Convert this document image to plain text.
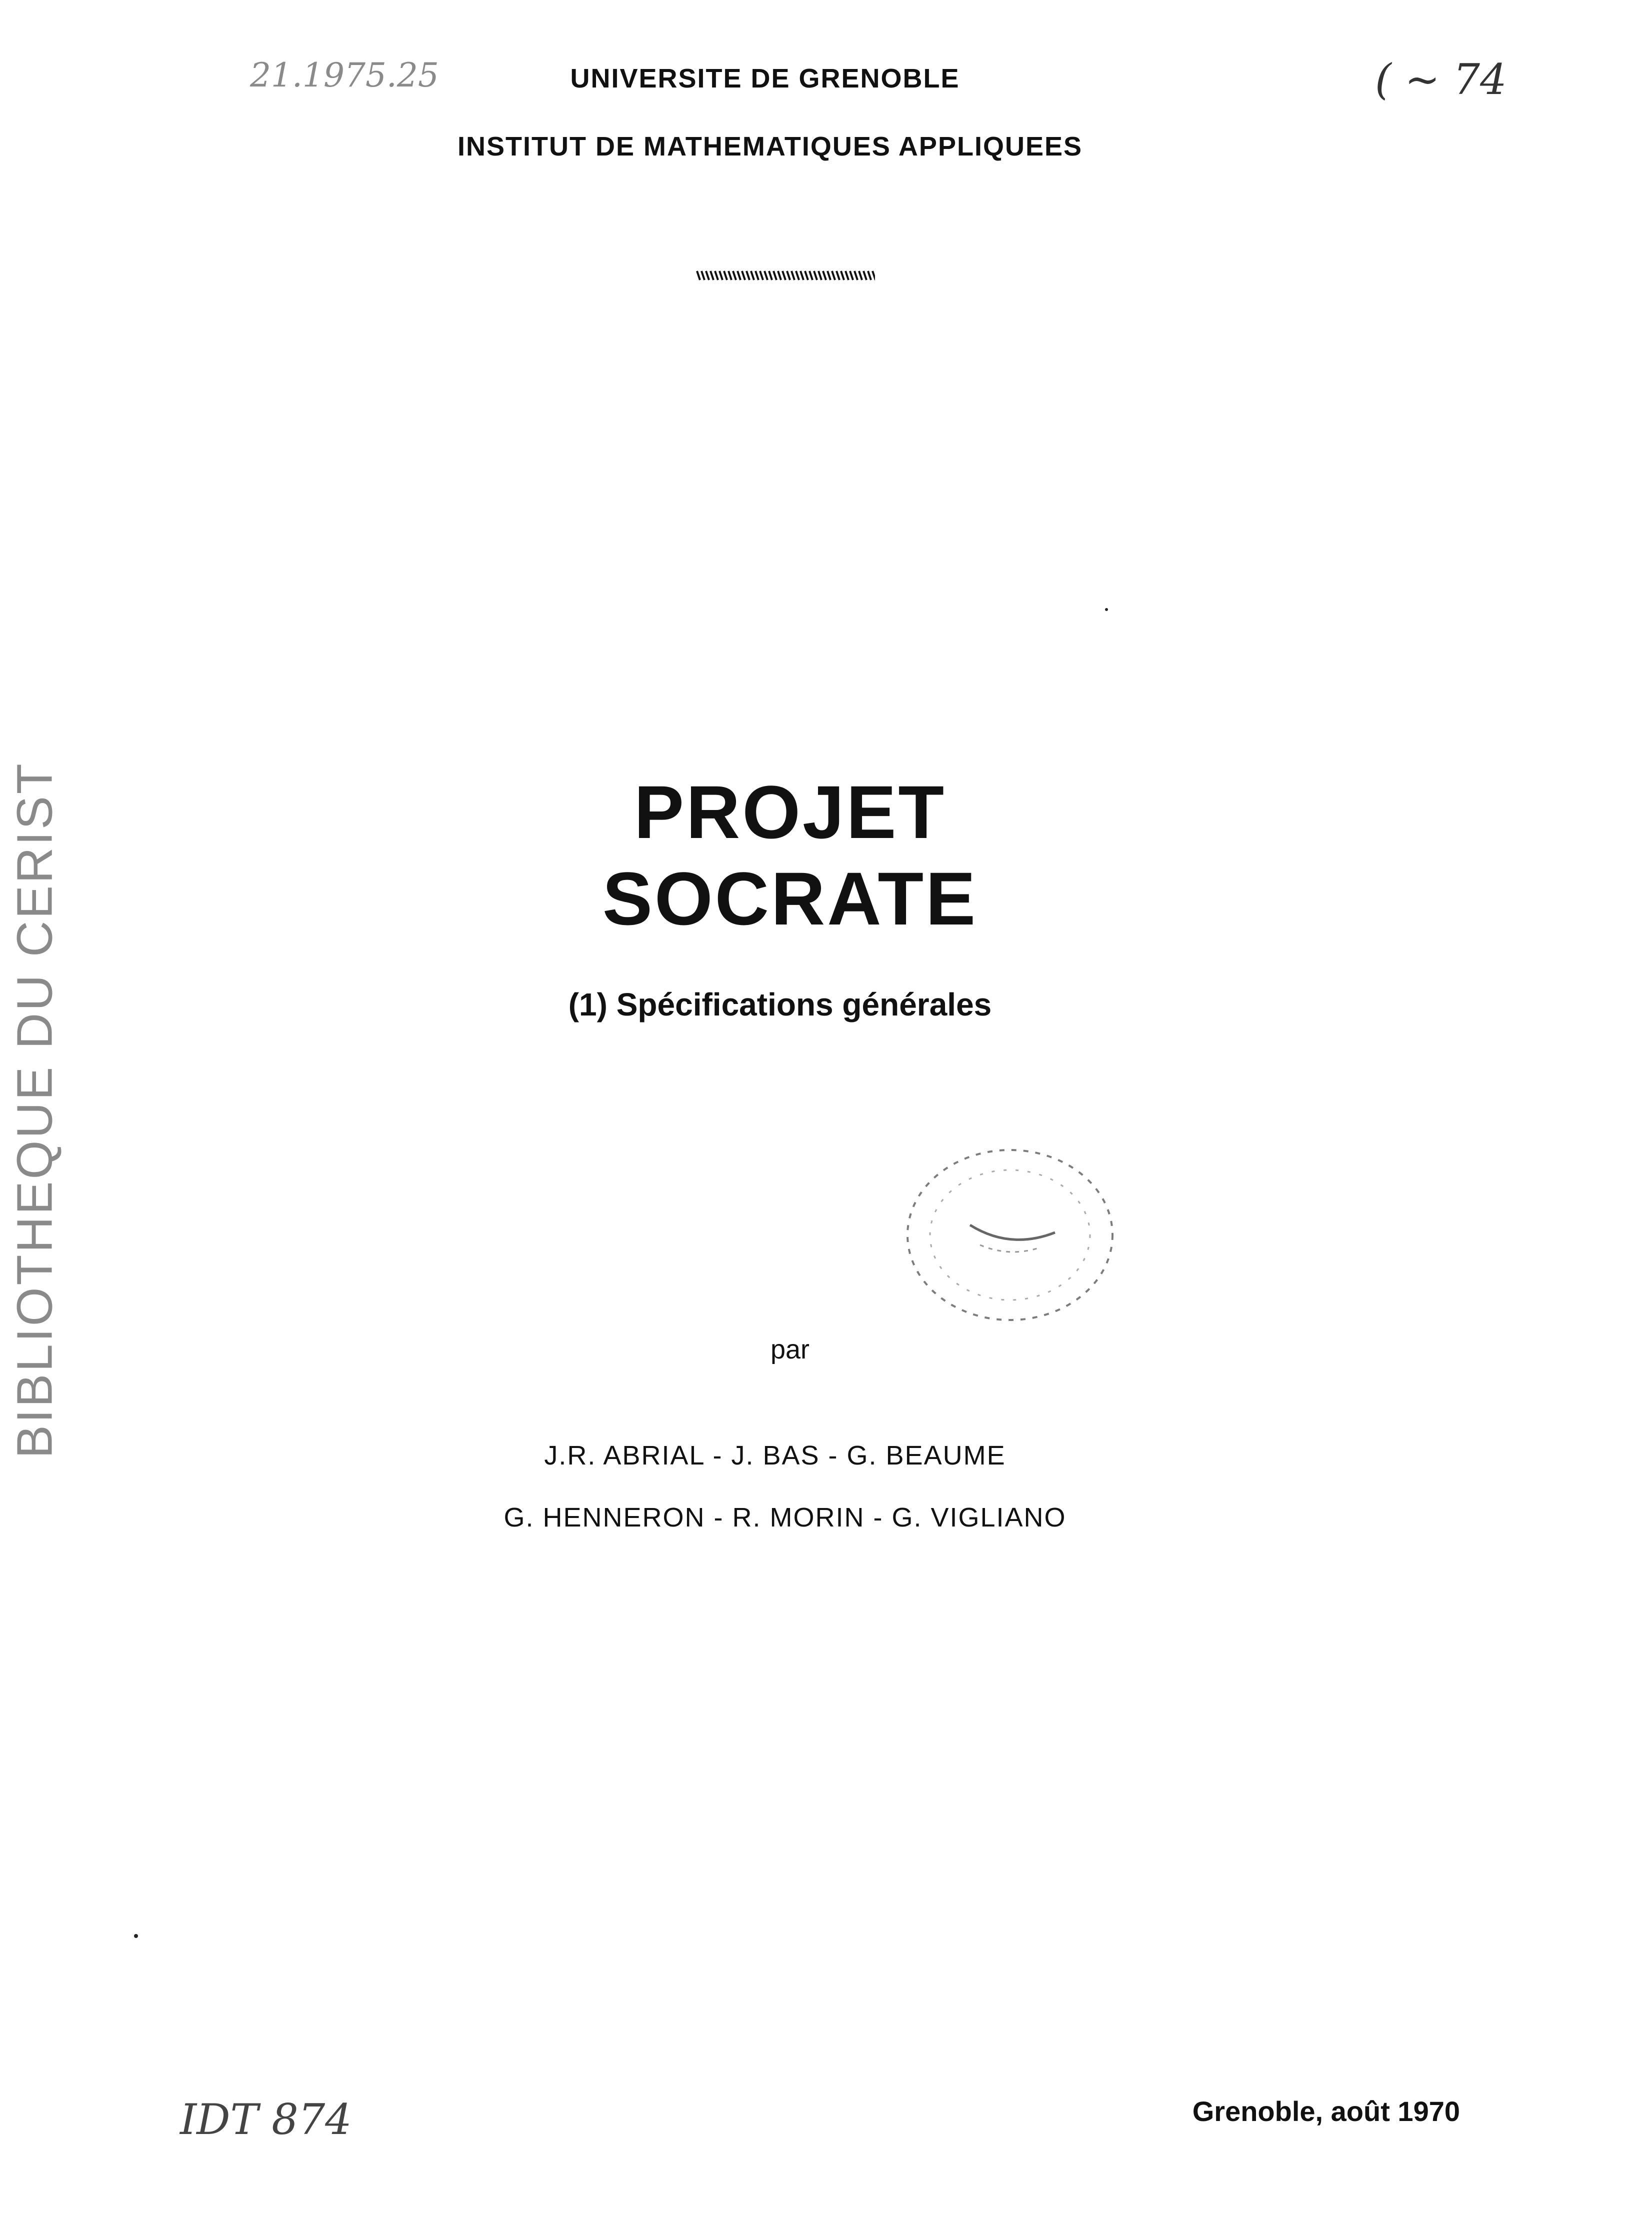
UNIVERSITE DE GRENOBLE
INSTITUT DE MATHEMATIQUES APPLIQUEES
BIBLIOTHEQUE DU CERIST
21.1975.25	( ~ 74
IDT 874
PROJET SOCRATE
(1) Spécifications générales
par
J.R. ABRIAL - J. BAS - G. BEAUME
G. HENNERON - R. MORIN - G. VIGLIANO
Grenoble, août 1970
